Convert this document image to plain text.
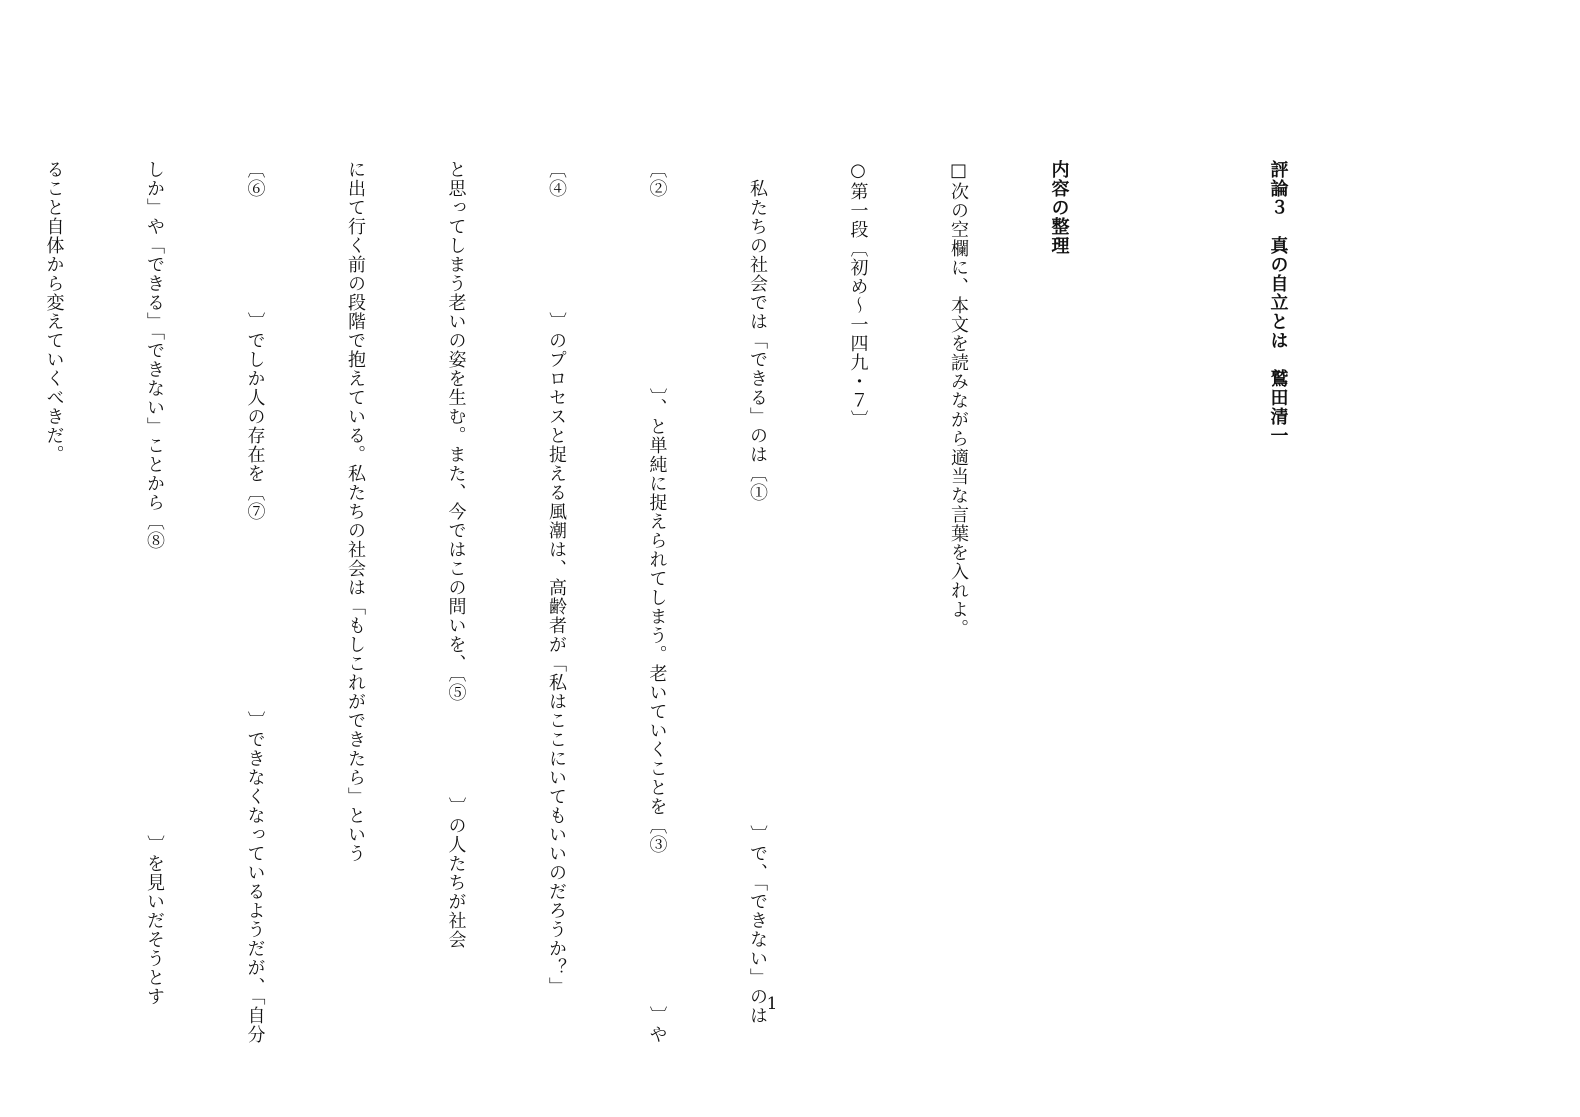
評論３　真の自立とは　鷲田清一

内容の整理

□次の空欄に、本文を読みながら適当な言葉を入れよ。

○第一段〔初め～一四九・７〕

　私たちの社会では「できる」のは〔①　　　　　　　　　　　　　　　　　〕で、「できない」のは

〔②　　　　　　　　　　〕、と単純に捉えられてしまう。老いていくことを〔③　　　　　　　　〕や

〔④　　　　　　〕のプロセスと捉える風潮は、高齢者が「私はここにいてもいいのだろうか？」

と思ってしまう老いの姿を生む。また、今ではこの問いを、〔⑤　　　　　〕の人たちが社会

に出て行く前の段階で抱えている。私たちの社会は「もしこれができたら」という

〔⑥　　　　　　〕でしか人の存在を〔⑦　　　　　　　　　　〕できなくなっているようだが、「自分

しか」や「できる」「できない」ことから〔⑧　　　　　　　　　　　　　　　〕を見いだそうとす

ること自体から変えていくべきだ。

1
